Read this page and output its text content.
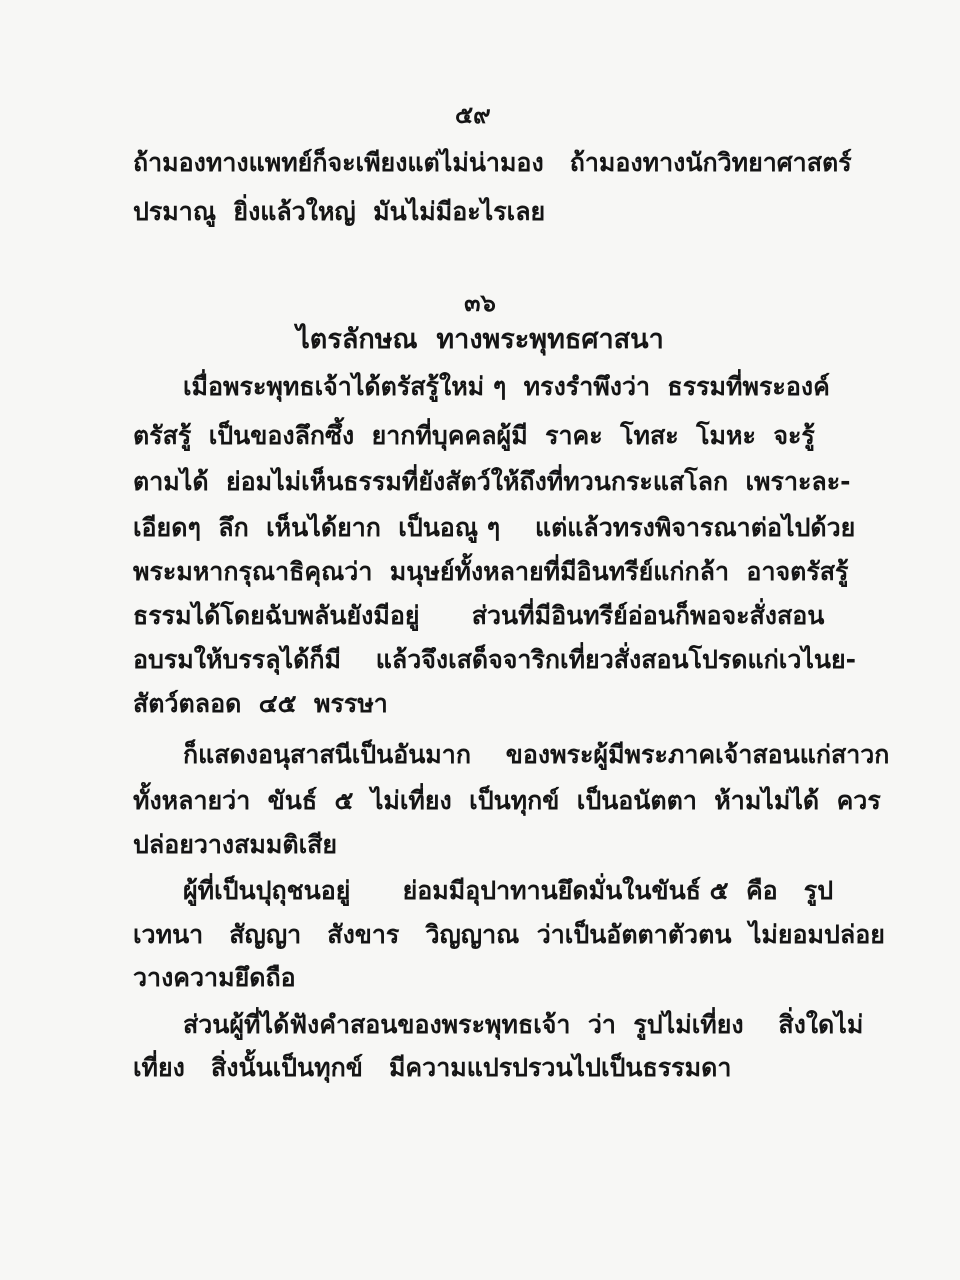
๕๙
ถ้ามองทางแพทย์ก็จะเพียงแต่ไม่น่ามอง   ถ้ามองทางนักวิทยาศาสตร์
ปรมาณู  ยิ่งแล้วใหญ่  มันไม่มีอะไรเลย
๓๖
ไตรลักษณ  ทางพระพุทธศาสนา
เมื่อพระพุทธเจ้าได้ตรัสรู้ใหม่ ๆ  ทรงรำพึงว่า  ธรรมที่พระองค์
ตรัสรู้  เป็นของลึกซึ้ง  ยากที่บุคคลผู้มี  ราคะ  โทสะ  โมหะ  จะรู้
ตามได้  ย่อมไม่เห็นธรรมที่ยังสัตว์ให้ถึงที่ทวนกระแสโลก  เพราะละ-
เอียดๆ  ลึก  เห็นได้ยาก  เป็นอณู ๆ    แต่แล้วทรงพิจารณาต่อไปด้วย
พระมหากรุณาธิคุณว่า  มนุษย์ทั้งหลายที่มีอินทรีย์แก่กล้า  อาจตรัสรู้
ธรรมได้โดยฉับพลันยังมีอยู่      ส่วนที่มีอินทรีย์อ่อนก็พอจะสั่งสอน
อบรมให้บรรลุได้ก็มี    แล้วจึงเสด็จจาริกเที่ยวสั่งสอนโปรดแก่เวไนย-
สัตว์ตลอด  ๔๕  พรรษา
ก็แสดงอนุสาสนีเป็นอันมาก    ของพระผู้มีพระภาคเจ้าสอนแก่สาวก
ทั้งหลายว่า  ขันธ์  ๕  ไม่เที่ยง  เป็นทุกข์  เป็นอนัตตา  ห้ามไม่ได้  ควร
ปล่อยวางสมมติเสีย
ผู้ที่เป็นปุถุชนอยู่      ย่อมมีอุปาทานยึดมั่นในขันธ์ ๕  คือ   รูป
เวทนา   สัญญา   สังขาร   วิญญาณ  ว่าเป็นอัตตาตัวตน  ไม่ยอมปล่อย
วางความยึดถือ
ส่วนผู้ที่ได้ฟังคำสอนของพระพุทธเจ้า  ว่า  รูปไม่เที่ยง    สิ่งใดไม่
เที่ยง   สิ่งนั้นเป็นทุกข์   มีความแปรปรวนไปเป็นธรรมดา
